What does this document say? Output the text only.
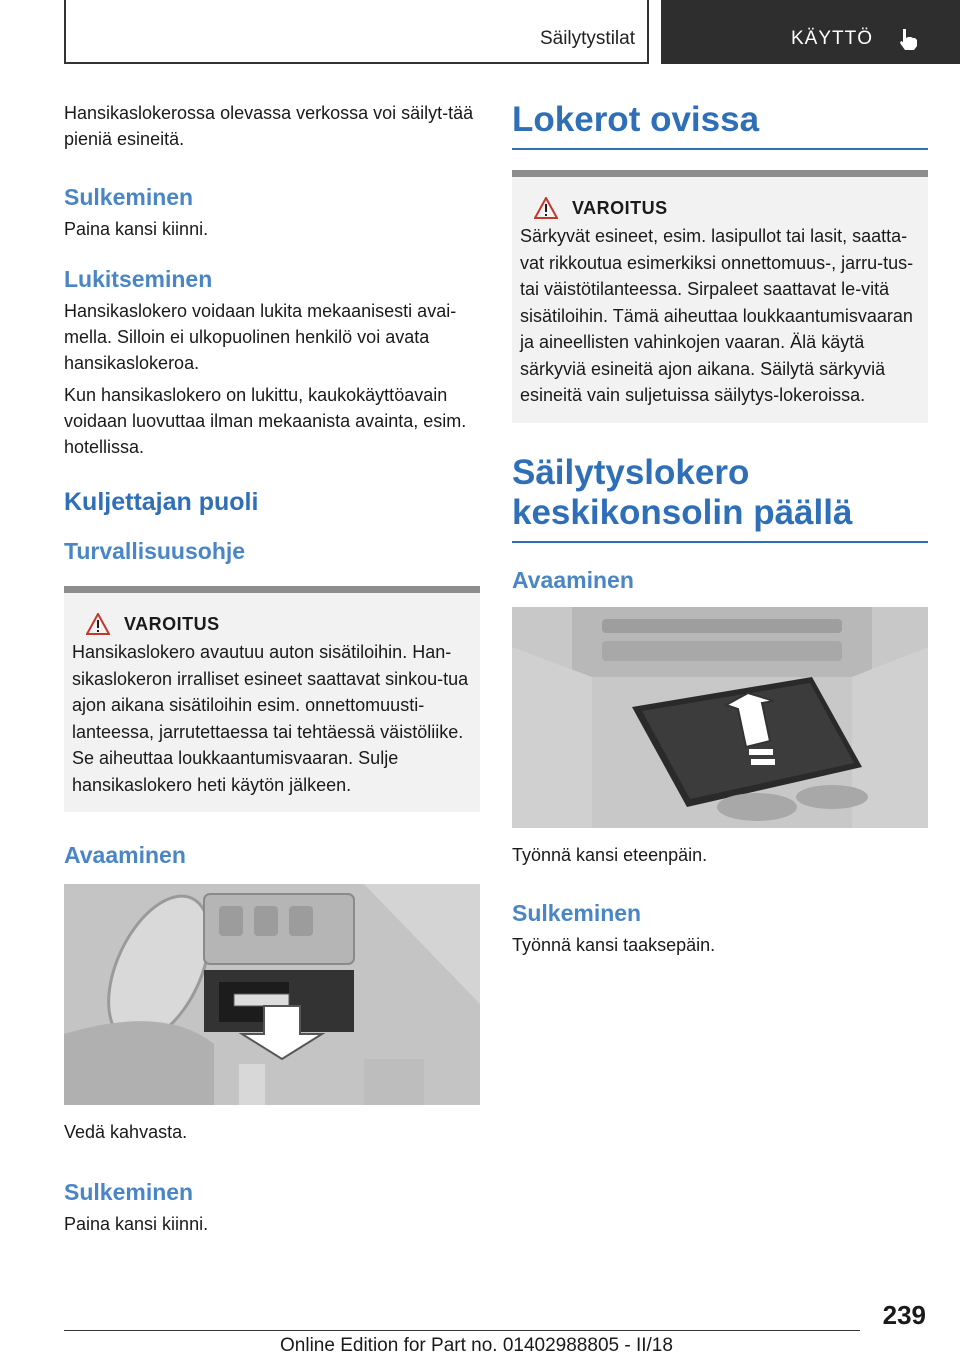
Säilytystilat	KÄYTTÖ

Hansikaslokerossa olevassa verkossa voi säilyt-tää pieniä esineitä.

Sulkeminen

Paina kansi kiinni.

Lukitseminen

Hansikaslokero voidaan lukita mekaanisesti avai-mella. Silloin ei ulkopuolinen henkilö voi avata hansikaslokeroa.

Kun hansikaslokero on lukittu, kaukokäyttöavain voidaan luovuttaa ilman mekaanista avainta, esim. hotellissa.

Kuljettajan puoli
Turvallisuusohje
VAROITUS

Hansikaslokero avautuu auton sisätiloihin. Han-sikaslokeron irralliset esineet saattavat sinkou-tua ajon aikana sisätiloihin esim. onnettomuusti-lanteessa, jarrutettaessa tai tehtäessä väistöliike. Se aiheuttaa loukkaantumisvaaran. Sulje hansikaslokero heti käytön jälkeen.

Avaaminen

Vedä kahvasta.

Sulkeminen

Paina kansi kiinni.

Lokerot ovissa
VAROITUS

Särkyvät esineet, esim. lasipullot tai lasit, saatta-vat rikkoutua esimerkiksi onnettomuus-, jarru-tus- tai väistötilanteessa. Sirpaleet saattavat le-vitä sisätiloihin. Tämä aiheuttaa loukkaantumisvaaran ja aineellisten vahinkojen vaaran. Älä käytä särkyviä esineitä ajon aikana. Säilytä särkyviä esineitä vain suljetuissa säilytys-lokeroissa.

Säilytyslokero keskikonsolin päällä
Avaaminen

Työnnä kansi eteenpäin.

Sulkeminen

Työnnä kansi taaksepäin.

239
Online Edition for Part no. 01402988805 - II/18
